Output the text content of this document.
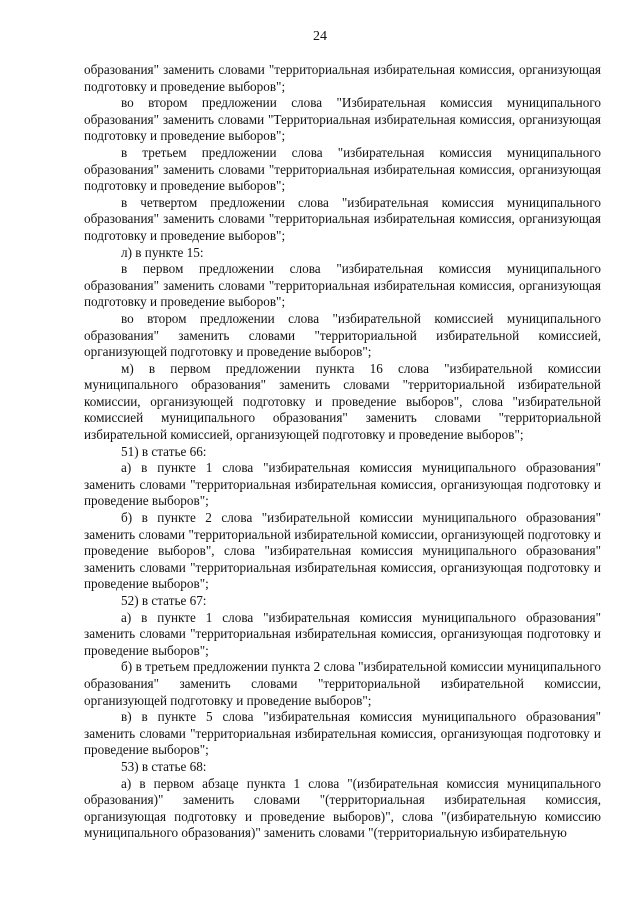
24

образования" заменить словами "территориальная избирательная комиссия, организующая подготовку и проведение выборов";

во втором предложении слова "Избирательная комиссия муниципального образования" заменить словами "Территориальная избирательная комиссия, организующая подготовку и проведение выборов";

в третьем предложении слова "избирательная комиссия муниципального образования" заменить словами "территориальная избирательная комиссия, организующая подготовку и проведение выборов";

в четвертом предложении слова "избирательная комиссия муниципального образования" заменить словами "территориальная избирательная комиссия, организующая подготовку и проведение выборов";

л) в пункте 15:

в первом предложении слова "избирательная комиссия муниципального образования" заменить словами "территориальная избирательная комиссия, организующая подготовку и проведение выборов";

во втором предложении слова "избирательной комиссией муниципального образования" заменить словами "территориальной избирательной комиссией, организующей подготовку и проведение выборов";

м) в первом предложении пункта 16 слова "избирательной комиссии муниципального образования" заменить словами "территориальной избирательной комиссии, организующей подготовку и проведение выборов", слова "избирательной комиссией муниципального образования" заменить словами "территориальной избирательной комиссией, организующей подготовку и проведение выборов";

51) в статье 66:

а) в пункте 1 слова "избирательная комиссия муниципального образования" заменить словами "территориальная избирательная комиссия, организующая подготовку и проведение выборов";

б) в пункте 2 слова "избирательной комиссии муниципального образования" заменить словами "территориальной избирательной комиссии, организующей подготовку и проведение выборов", слова "избирательная комиссия муниципального образования" заменить словами "территориальная избирательная комиссия, организующая подготовку и проведение выборов";

52) в статье 67:

а) в пункте 1 слова "избирательная комиссия муниципального образования" заменить словами "территориальная избирательная комиссия, организующая подготовку и проведение выборов";

б) в третьем предложении пункта 2 слова "избирательной комиссии муниципального образования" заменить словами "территориальной избирательной комиссии, организующей подготовку и проведение выборов";

в) в пункте 5 слова "избирательная комиссия муниципального образования" заменить словами "территориальная избирательная комиссия, организующая подготовку и проведение выборов";

53) в статье 68:

а) в первом абзаце пункта 1 слова "(избирательная комиссия муниципального образования)" заменить словами "(территориальная избирательная комиссия, организующая подготовку и проведение выборов)", слова "(избирательную комиссию муниципального образования)" заменить словами "(территориальную избирательную
